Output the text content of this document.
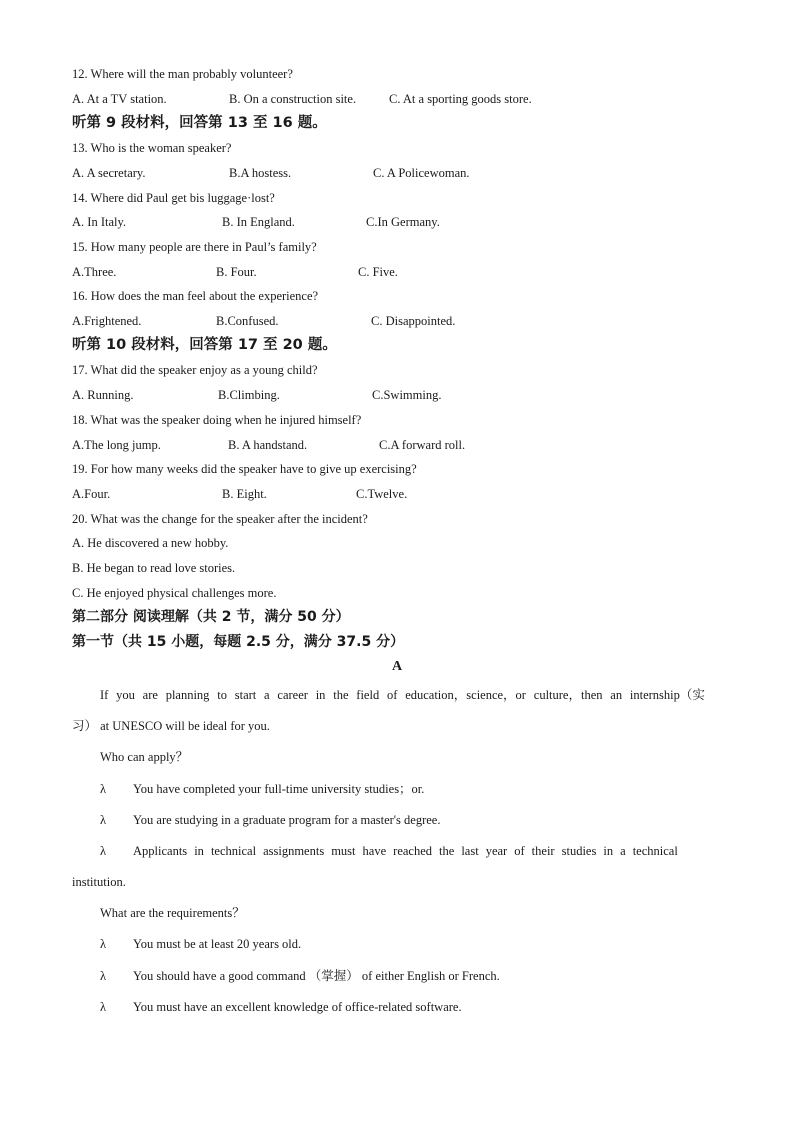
12. Where will the man probably volunteer?
A. At a TV station.	B. On a construction site.	C. At a sporting goods store.
听第 9 段材料，回答第 13 至 16 题。
13. Who is the woman speaker?
A. A secretary.	B.A hostess.	C. A Policewoman.
14. Where did Paul get bis luggage·lost?
A. In Italy.	B. In England.	C.In Germany.
15. How many people are there in Paul’s family?
A.Three.	B. Four.	C. Five.
16. How does the man feel about the experience?
A.Frightened.	B.Confused.	C. Disappointed.
听第 10 段材料，回答第 17 至 20 题。
17. What did the speaker enjoy as a young child?
A. Running.	B.Climbing.	C.Swimming.
18. What was the speaker doing when he injured himself?
A.The long jump.	B. A handstand.	C.A forward roll.
19. For how many weeks did the speaker have to give up exercising?
A.Four.	B. Eight.	C.Twelve.
20. What was the change for the speaker after the incident?
A. He discovered a new hobby.
B. He began to read love stories.
C. He enjoyed physical challenges more.
第二部分 阅读理解（共 2 节，满分 50 分）
第一节（共 15 小题，每题 2.5 分，满分 37.5 分）
A
If you are planning to start a career in the field of education，science，or culture，then an internship（实
习） at UNESCO will be ideal for you.
Who can apply？
λ You have completed your full-time university studies；or.
λ You are studying in a graduate program for a master's degree.
λ Applicants in technical assignments must have reached the last year of their studies in a technical
institution.
What are the requirements？
λ You must be at least 20 years old.
λ You should have a good command （掌握） of either English or French.
λ You must have an excellent knowledge of office-related software.
